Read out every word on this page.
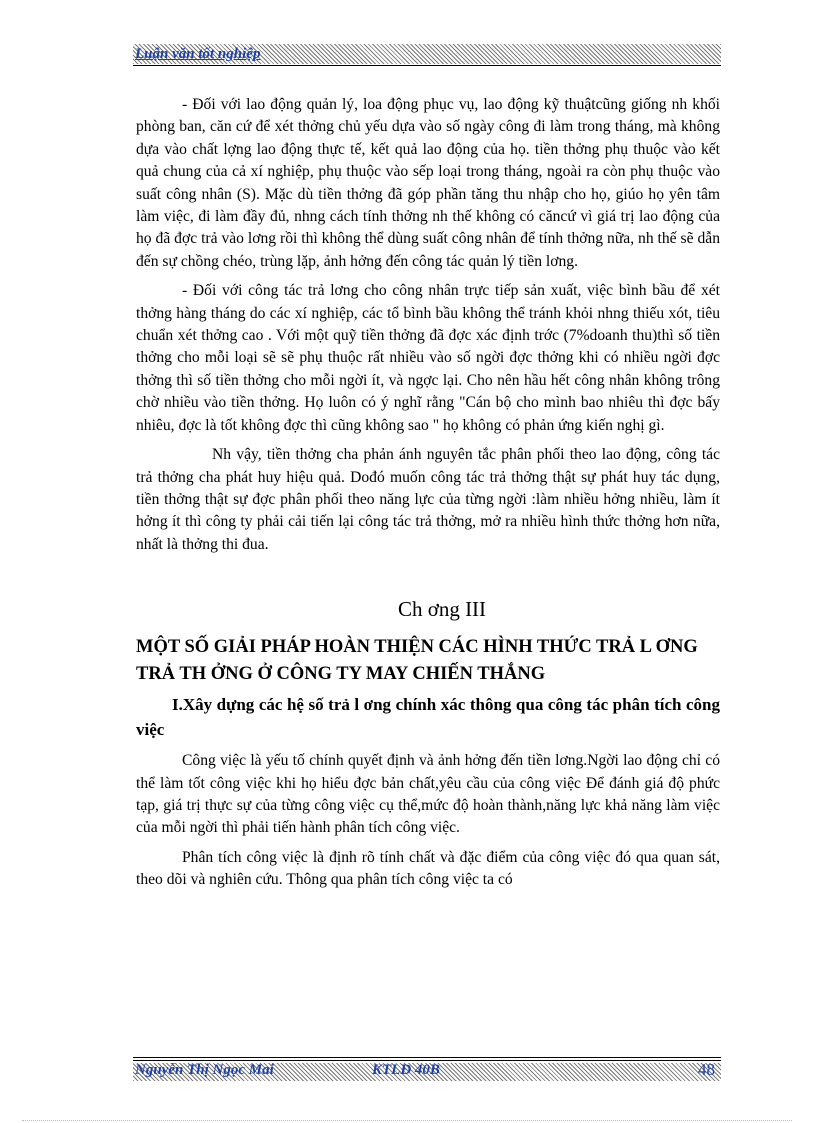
Luận văn tốt nghiệp

- Đối với lao động quản lý, loa động phục vụ, lao động kỹ thuậtcũng giống nh khối phòng ban, căn cứ để xét thởng chủ yếu dựa vào số ngày công đi làm trong tháng, mà không dựa vào chất lợng lao động thực tế, kết quả lao động của họ. tiền thởng phụ thuộc vào kết quả chung của cả xí nghiệp, phụ thuộc vào sếp loại trong tháng, ngoài ra còn phụ thuộc vào suất công nhân (S). Mặc dù tiền thởng đã góp phần tăng thu nhập cho họ, giúo họ yên tâm làm việc, đi làm đầy đủ, nhng cách tính thởng nh thế không có căncứ vì giá trị lao động của họ đã đợc trả vào lơng rồi thì không thể dùng suất công nhân để tính thởng nữa, nh thế sẽ dẫn đến sự chồng chéo, trùng lặp, ảnh hởng đến công tác quản lý tiền lơng.

- Đối với công tác trả lơng cho công nhân trực tiếp sản xuất, việc bình bầu để xét thởng hàng tháng do các xí nghiệp, các tổ bình bầu không thể tránh khỏi nhng thiếu xót, tiêu chuẩn xét thởng cao . Với một quỹ tiền thởng đã đợc xác định trớc (7%doanh thu)thì số tiền thởng cho mỗi loại sẽ sẽ phụ thuộc rất nhiều vào số ngời đợc thởng khi có nhiều ngời đợc thởng thì số tiền thởng cho mỗi ngời ít, và ngợc lại. Cho nên hầu hết công nhân không trông chờ nhiều vào tiền thởng. Họ luôn có ý nghĩ rằng "Cán bộ cho mình bao nhiêu thì đợc bấy nhiêu, đợc là tốt không đợc thì cũng không sao " họ không có phản ứng kiến nghị gì.

Nh vậy, tiền thởng cha phản ánh nguyên tắc phân phối theo lao động, công tác trả thởng cha phát huy hiệu quả. Dođó muốn công tác trả thởng thật sự phát huy tác dụng, tiền thởng thật sự đợc phân phối theo năng lực của từng ngời :làm nhiều hởng nhiều, làm ít hởng ít thì công ty phải cải tiến lại công tác trả thởng, mở ra nhiều hình thức thởng hơn nữa, nhất là thởng thi đua.

Ch ơng III
MỘT SỐ GIẢI PHÁP HOÀN THIỆN CÁC HÌNH THỨC TRẢ L ƠNG TRẢ TH ỞNG Ở CÔNG TY MAY CHIẾN THẮNG
I.Xây dựng các hệ số trả l ơng chính xác thông qua công tác phân tích công việc

Công việc là yếu tố chính quyết định và ảnh hởng đến tiền lơng.Ngời lao động chỉ có thể làm tốt công việc khi họ hiểu đợc bản chất,yêu cầu của công việc Để đánh giá độ phức tạp, giá trị thực sự của từng công việc cụ thể,mức độ hoàn thành,năng lực khả năng làm việc của mỗi ngời thì phải tiến hành phân tích công việc.

Phân tích công việc là định rõ tính chất và đặc điểm của công việc đó qua quan sát, theo dõi và nghiên cứu. Thông qua phân tích công việc ta có

Nguyễn Thị Ngọc Mai	KTLĐ 40B	48
